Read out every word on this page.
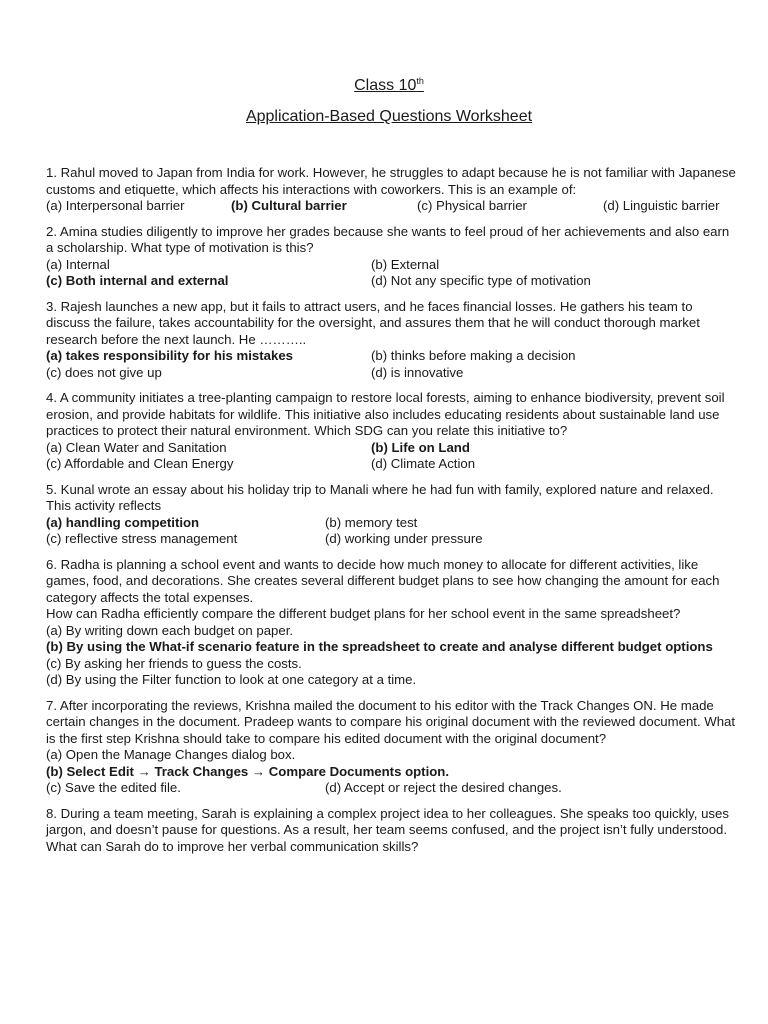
Class 10th
Application-Based Questions Worksheet

1. Rahul moved to Japan from India for work. However, he struggles to adapt because he is not familiar with Japanese customs and etiquette, which affects his interactions with coworkers. This is an example of:

(a) Interpersonal barrier	(b) Cultural barrier	(c) Physical barrier	(d) Linguistic barrier

2. Amina studies diligently to improve her grades because she wants to feel proud of her achievements and also earn a scholarship. What type of motivation is this?

(a) Internal	(b) External
(c) Both internal and external	(d) Not any specific type of motivation

3. Rajesh launches a new app, but it fails to attract users, and he faces financial losses. He gathers his team to discuss the failure, takes accountability for the oversight, and assures them that he will conduct thorough market research before the next launch. He ………..

(a) takes responsibility for his mistakes	(b) thinks before making a decision
(c) does not give up	(d) is innovative

4. A community initiates a tree-planting campaign to restore local forests, aiming to enhance biodiversity, prevent soil erosion, and provide habitats for wildlife. This initiative also includes educating residents about sustainable land use practices to protect their natural environment. Which SDG can you relate this initiative to?

(a) Clean Water and Sanitation	(b) Life on Land
(c) Affordable and Clean Energy	(d) Climate Action

5. Kunal wrote an essay about his holiday trip to Manali where he had fun with family, explored nature and relaxed. This activity reflects

(a) handling competition	(b) memory test
(c) reflective stress management	(d) working under pressure

6. Radha is planning a school event and wants to decide how much money to allocate for different activities, like games, food, and decorations. She creates several different budget plans to see how changing the amount for each category affects the total expenses.

How can Radha efficiently compare the different budget plans for her school event in the same spreadsheet?

(a) By writing down each budget on paper.

(b) By using the What-if scenario feature in the spreadsheet to create and analyse different budget options

(c) By asking her friends to guess the costs.

(d) By using the Filter function to look at one category at a time.

7. After incorporating the reviews, Krishna mailed the document to his editor with the Track Changes ON. He made certain changes in the document. Pradeep wants to compare his original document with the reviewed document. What is the first step Krishna should take to compare his edited document with the original document?

(a) Open the Manage Changes dialog box.

(b) Select Edit → Track Changes → Compare Documents option.

(c) Save the edited file.	(d) Accept or reject the desired changes.

8. During a team meeting, Sarah is explaining a complex project idea to her colleagues. She speaks too quickly, uses jargon, and doesn’t pause for questions. As a result, her team seems confused, and the project isn’t fully understood. What can Sarah do to improve her verbal communication skills?
